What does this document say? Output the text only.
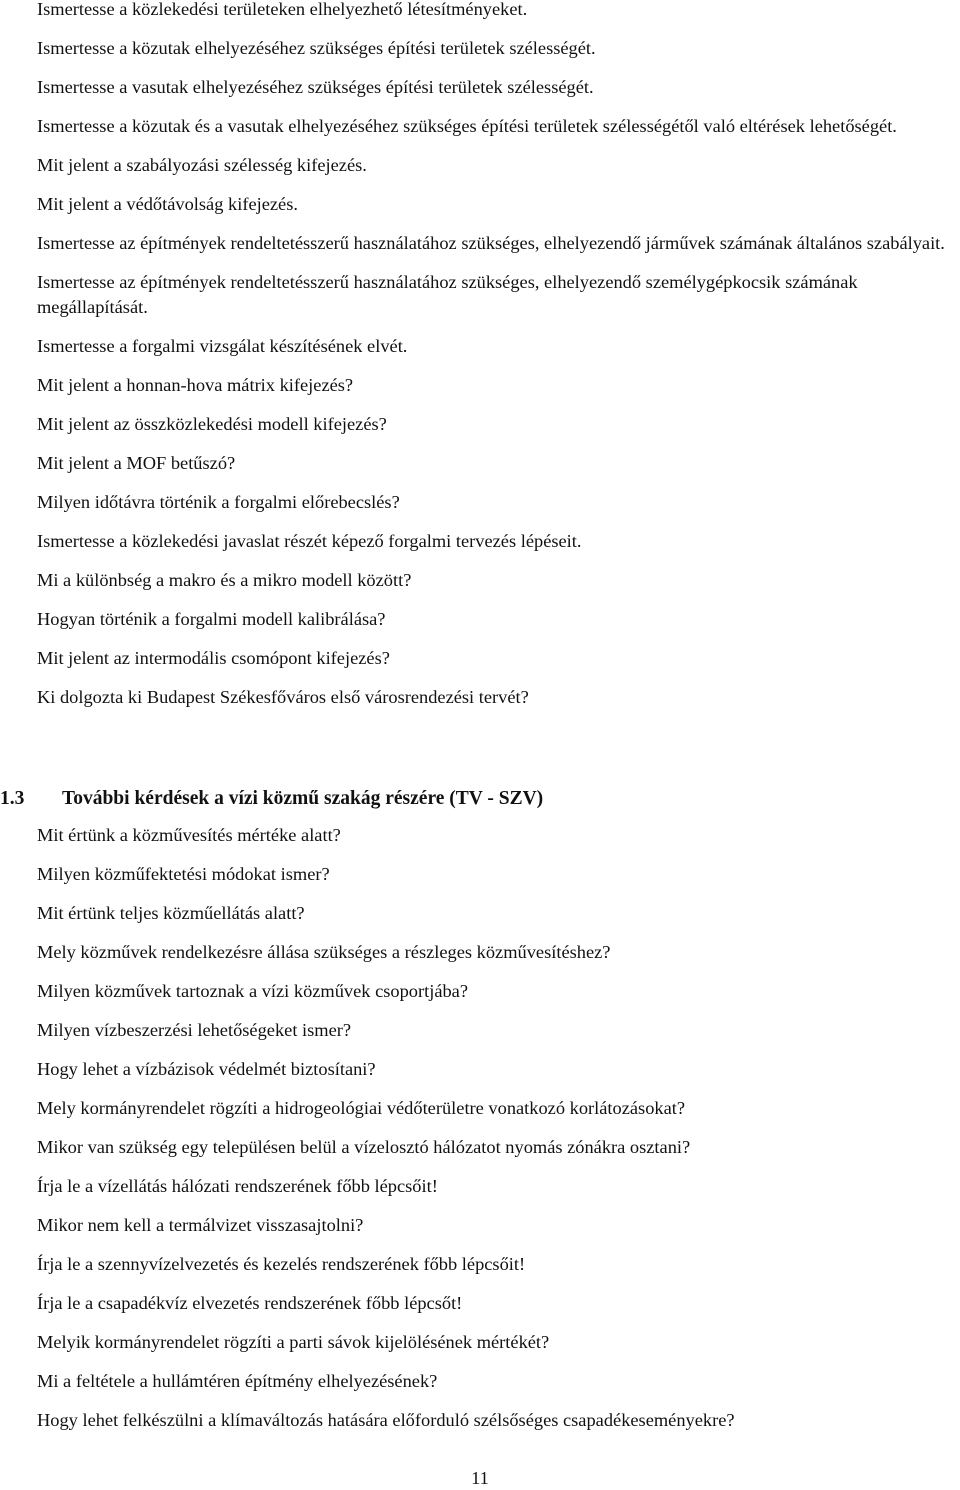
Ismertesse a közlekedési területeken elhelyezhető létesítményeket.

Ismertesse a közutak elhelyezéséhez szükséges építési területek szélességét.

Ismertesse a vasutak elhelyezéséhez szükséges építési területek szélességét.

Ismertesse a közutak és a vasutak elhelyezéséhez szükséges építési területek szélességétől való eltérések lehetőségét.

Mit jelent a szabályozási szélesség kifejezés.

Mit jelent a védőtávolság kifejezés.

Ismertesse az építmények rendeltetésszerű használatához szükséges, elhelyezendő járművek számának általános szabályait.

Ismertesse az építmények rendeltetésszerű használatához szükséges, elhelyezendő személygépkocsik számának megállapítását.

Ismertesse a forgalmi vizsgálat készítésének elvét.

Mit jelent a honnan-hova mátrix kifejezés?

Mit jelent az összközlekedési modell kifejezés?

Mit jelent a MOF betűszó?

Milyen időtávra történik a forgalmi előrebecslés?

Ismertesse a közlekedési javaslat részét képező forgalmi tervezés lépéseit.

Mi a különbség a makro és a mikro modell között?

Hogyan történik a forgalmi modell kalibrálása?

Mit jelent az intermodális csomópont kifejezés?

Ki dolgozta ki Budapest Székesfőváros első városrendezési tervét?

1.3 További kérdések a vízi közmű szakág részére (TV - SZV)

Mit értünk a közművesítés mértéke alatt?

Milyen közműfektetési módokat ismer?

Mit értünk teljes közműellátás alatt?

Mely közművek rendelkezésre állása szükséges a részleges közművesítéshez?

Milyen közművek tartoznak a vízi közművek csoportjába?

Milyen vízbeszerzési lehetőségeket ismer?

Hogy lehet a vízbázisok védelmét biztosítani?

Mely kormányrendelet rögzíti a hidrogeológiai védőterületre vonatkozó korlátozásokat?

Mikor van szükség egy településen belül a vízelosztó hálózatot nyomás zónákra osztani?

Írja le a vízellátás hálózati rendszerének főbb lépcsőit!

Mikor nem kell a termálvizet visszasajtolni?

Írja le a szennyvízelvezetés és kezelés rendszerének főbb lépcsőit!

Írja le a csapadékvíz elvezetés rendszerének főbb lépcsőt!

Melyik kormányrendelet rögzíti a parti sávok kijelölésének mértékét?

Mi a feltétele a hullámtéren építmény elhelyezésének?

Hogy lehet felkészülni a klímaváltozás hatására előforduló szélsőséges csapadékeseményekre?

11
